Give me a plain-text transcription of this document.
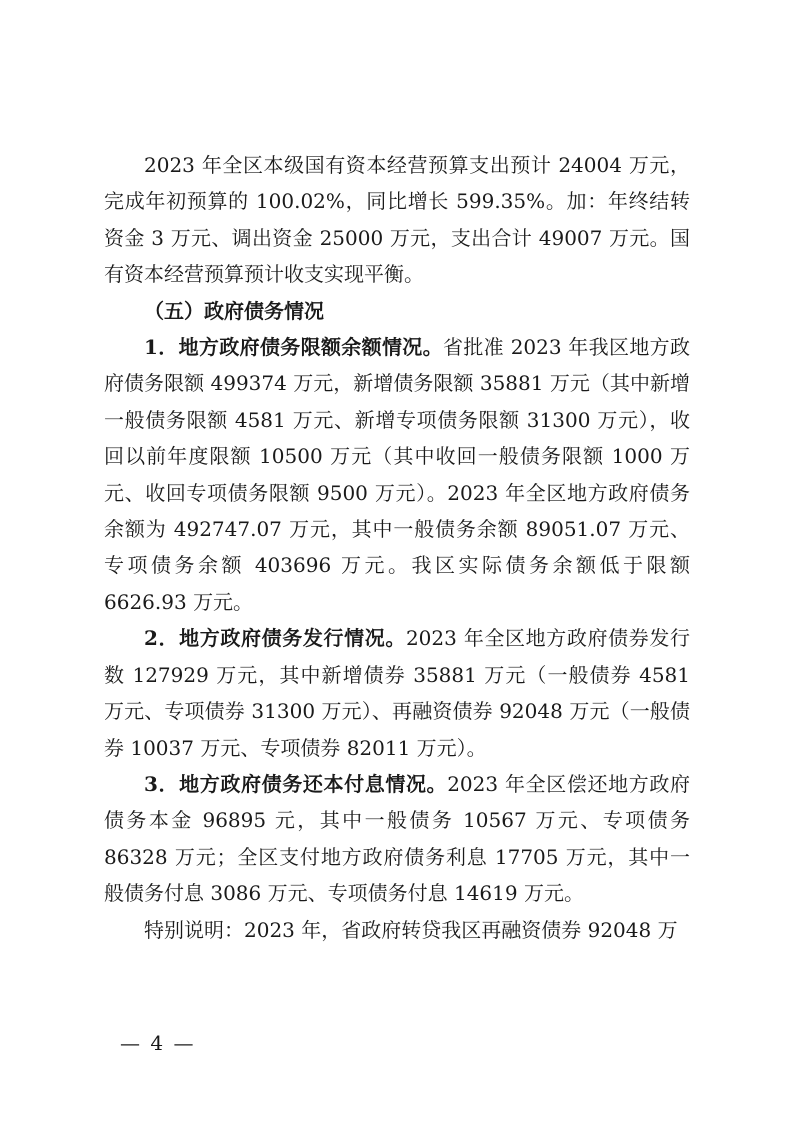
2023 年全区本级国有资本经营预算支出预计 24004 万元，完成年初预算的 100.02%，同比增长 599.35%。加：年终结转资金 3 万元、调出资金 25000 万元，支出合计 49007 万元。国有资本经营预算预计收支实现平衡。

（五）政府债务情况

1．地方政府债务限额余额情况。省批准 2023 年我区地方政府债务限额 499374 万元，新增债务限额 35881 万元（其中新增一般债务限额 4581 万元、新增专项债务限额 31300 万元），收回以前年度限额 10500 万元（其中收回一般债务限额 1000 万元、收回专项债务限额 9500 万元）。2023 年全区地方政府债务余额为 492747.07 万元，其中一般债务余额 89051.07 万元、专项债务余额 403696 万元。我区实际债务余额低于限额 6626.93 万元。

2．地方政府债务发行情况。2023 年全区地方政府债券发行数 127929 万元，其中新增债券 35881 万元（一般债券 4581 万元、专项债券 31300 万元）、再融资债券 92048 万元（一般债券 10037 万元、专项债券 82011 万元）。

3．地方政府债务还本付息情况。2023 年全区偿还地方政府债务本金 96895 元，其中一般债务 10567 万元、专项债务 86328 万元；全区支付地方政府债务利息 17705 万元，其中一般债务付息 3086 万元、专项债务付息 14619 万元。

特别说明：2023 年，省政府转贷我区再融资债券 92048 万

— 4 —
